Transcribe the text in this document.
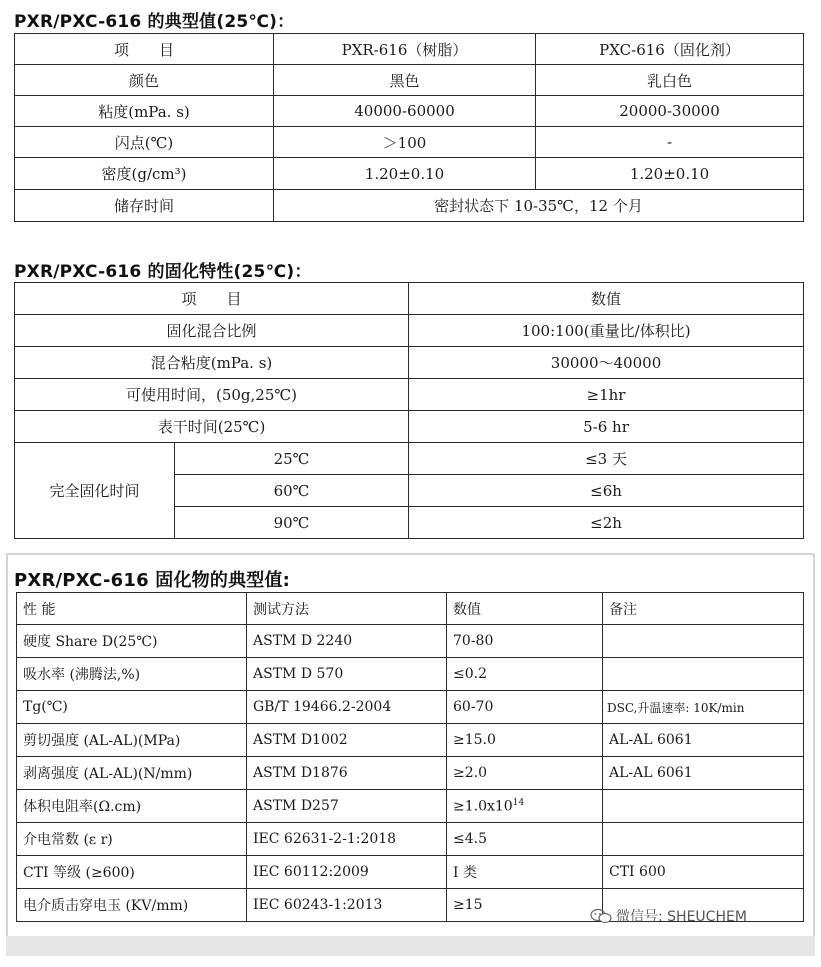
PXR/PXC-616 的典型值(25℃)：
项　　目	PXR-616（树脂）	PXC-616（固化剂）
颜色	黑色	乳白色
粘度(mPa. s)	40000-60000	20000-30000
闪点(℃)	＞100	-
密度(g/cm³)	1.20±0.10	1.20±0.10
储存时间	密封状态下 10-35℃，12 个月	
PXR/PXC-616 的固化特性(25℃)：
项　　目		数值
固化混合比例		100:100(重量比/体积比)
混合粘度(mPa. s)		30000～40000
可使用时间，(50g,25℃)		≥1hr
表干时间(25℃)		5-6 hr
完全固化时间	25℃	≤3 天
	60℃	≤6h
	90℃	≤2h
PXR/PXC-616 固化物的典型值:
性 能	测试方法	数值	备注
硬度 Share D(25℃)	ASTM D 2240	70-80	
吸水率 (沸腾法,%)	ASTM D 570	≤0.2	
Tg(℃)	GB/T 19466.2-2004	60-70	DSC,升温速率: 10K/min
剪切强度 (AL-AL)(MPa)	ASTM D1002	≥15.0	AL-AL 6061
剥离强度 (AL-AL)(N/mm)	ASTM D1876	≥2.0	AL-AL 6061
体积电阻率(Ω.cm)	ASTM D257	$\ge 1.0x10^{14}$	
介电常数 (ε r)	IEC 62631-2-1:2018	≤4.5	
CTI 等级 (≥600)	IEC 60112:2009	I 类	CTI 600
电介质击穿电玉 (KV/mm)	IEC 60243-1:2013	≥15	
微信号: SHEUCHEM
